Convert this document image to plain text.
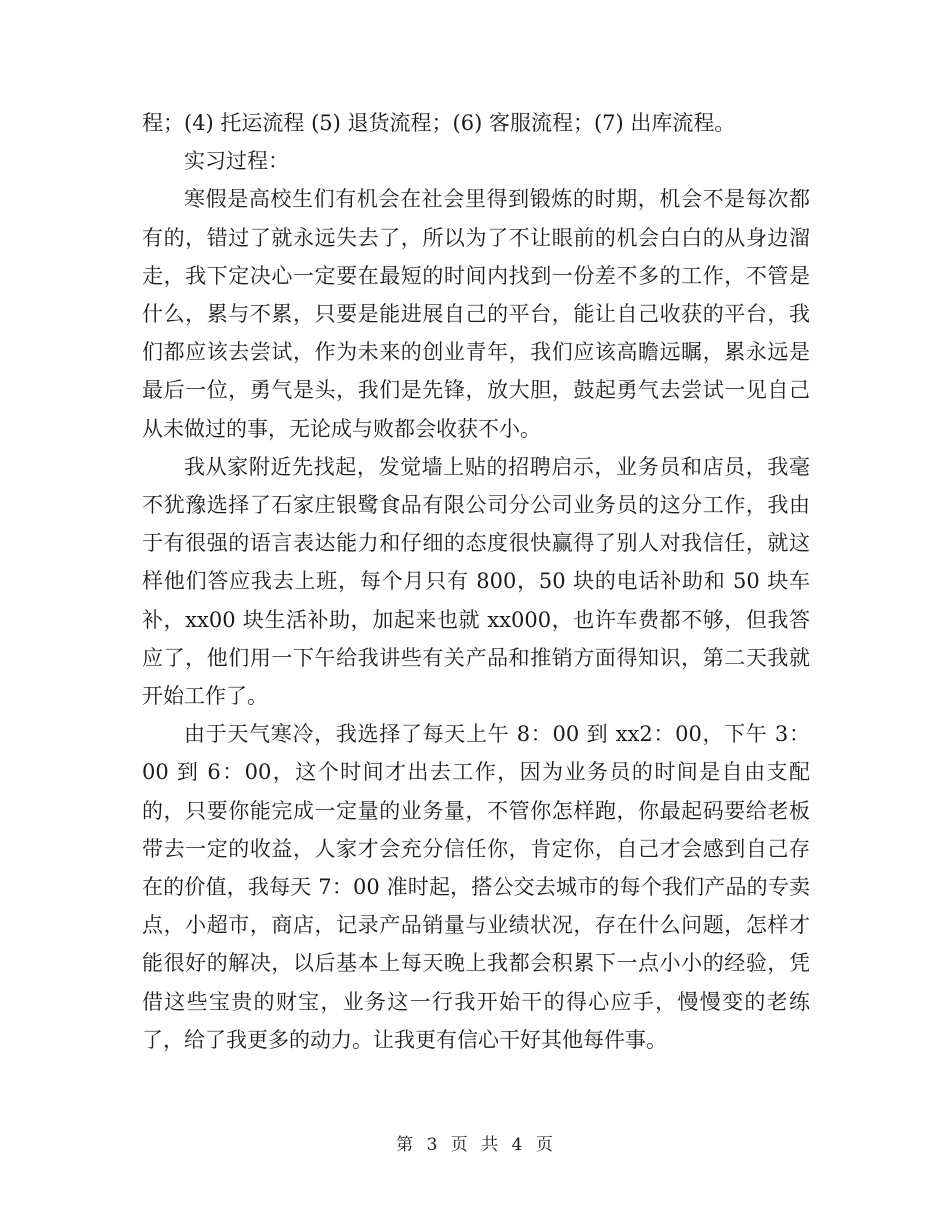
程；(4) 托运流程 (5) 退货流程；(6) 客服流程；(7) 出库流程。

实习过程：

寒假是高校生们有机会在社会里得到锻炼的时期，机会不是每次都有的，错过了就永远失去了，所以为了不让眼前的机会白白的从身边溜走，我下定决心一定要在最短的时间内找到一份差不多的工作，不管是什么，累与不累，只要是能进展自己的平台，能让自己收获的平台，我们都应该去尝试，作为未来的创业青年，我们应该高瞻远瞩，累永远是最后一位，勇气是头，我们是先锋，放大胆，鼓起勇气去尝试一见自己从未做过的事，无论成与败都会收获不小。

我从家附近先找起，发觉墙上贴的招聘启示，业务员和店员，我毫不犹豫选择了石家庄银鹭食品有限公司分公司业务员的这分工作，我由于有很强的语言表达能力和仔细的态度很快赢得了别人对我信任，就这样他们答应我去上班，每个月只有 800，50 块的电话补助和 50 块车补，xx00 块生活补助，加起来也就 xx000，也许车费都不够，但我答应了，他们用一下午给我讲些有关产品和推销方面得知识，第二天我就开始工作了。

由于天气寒冷，我选择了每天上午 8：00 到 xx2：00，下午 3：00 到 6：00，这个时间才出去工作，因为业务员的时间是自由支配的，只要你能完成一定量的业务量，不管你怎样跑，你最起码要给老板带去一定的收益，人家才会充分信任你，肯定你，自己才会感到自己存在的价值，我每天 7：00 准时起，搭公交去城市的每个我们产品的专卖点，小超市，商店，记录产品销量与业绩状况，存在什么问题，怎样才能很好的解决，以后基本上每天晚上我都会积累下一点小小的经验，凭借这些宝贵的财宝，业务这一行我开始干的得心应手，慢慢变的老练了，给了我更多的动力。让我更有信心干好其他每件事。

第 3 页 共 4 页
